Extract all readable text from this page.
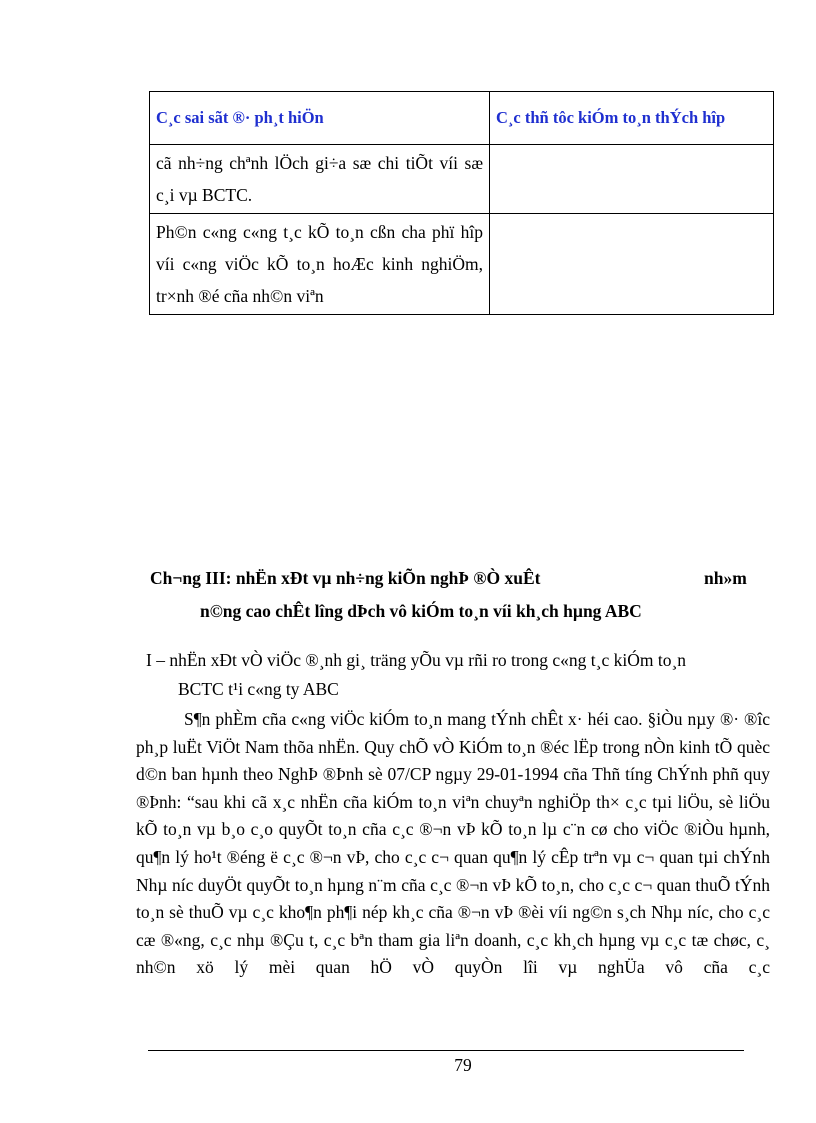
C¸c sai sãt ®· ph¸t hiÖn	C¸c thñ tôc kiÓm to¸n thÝch hîp
cã nh÷ng chªnh lÖch gi÷a sæ chi tiÕt víi sæ c¸i vµ BCTC.	
Ph©n c«ng c«ng t¸c kÕ to¸n cßn cha phï hîp víi c«ng viÖc kÕ to¸n hoÆc kinh nghiÖm, tr×nh ®é cña nh©n viªn	
Ch¬ng III: nhËn xÐt vµ nh÷ng kiÕn nghÞ ®Ò xuÊt	nh»m
n©ng cao chÊt lîng dÞch vô kiÓm to¸n víi kh¸ch hµng ABC
I – nhËn xÐt vÒ viÖc ®¸nh gi¸ träng yÕu vµ rñi ro trong c«ng t¸c kiÓm to¸n
BCTC t¹i c«ng ty ABC

S¶n phÈm cña c«ng viÖc kiÓm to¸n mang tÝnh chÊt x· héi cao. §iÒu nµy ®· ®îc ph¸p luËt ViÖt Nam thõa nhËn. Quy chÕ vÒ KiÓm to¸n ®éc lËp trong nÒn kinh tÕ quèc d©n ban hµnh theo NghÞ ®Þnh sè 07/CP ngµy 29-01-1994 cña Thñ tíng ChÝnh phñ quy ®Þnh: “sau khi cã x¸c nhËn cña kiÓm to¸n viªn chuyªn nghiÖp th× c¸c tµi liÖu, sè liÖu kÕ to¸n vµ b¸o c¸o quyÕt to¸n cña c¸c ®¬n vÞ kÕ to¸n lµ c¨n cø cho viÖc ®iÒu hµnh, qu¶n lý ho¹t ®éng ë c¸c ®¬n vÞ, cho c¸c c¬ quan qu¶n lý cÊp trªn vµ c¬ quan tµi chÝnh Nhµ níc duyÖt quyÕt to¸n hµng n¨m cña c¸c ®¬n vÞ kÕ to¸n, cho c¸c c¬ quan thuÕ tÝnh to¸n sè thuÕ vµ c¸c kho¶n ph¶i nép kh¸c cña ®¬n vÞ ®èi víi ng©n s¸ch Nhµ níc, cho c¸c cæ ®«ng, c¸c nhµ ®Çu t, c¸c bªn tham gia liªn doanh, c¸c kh¸ch hµng vµ c¸c tæ chøc, c¸ nh©n xö lý mèi quan hÖ vÒ quyÒn lîi vµ nghÜa vô cña c¸c

79
